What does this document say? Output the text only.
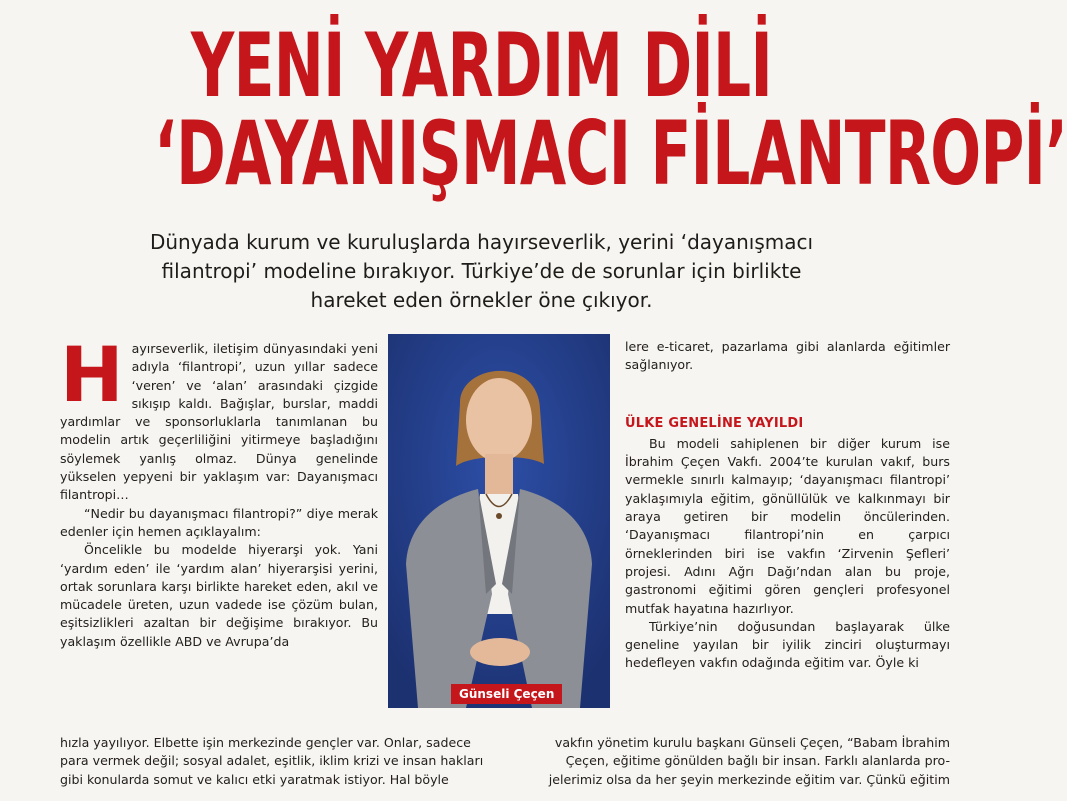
YENİ YARDIM DİLİ
‘DAYANIŞMACI FİLANTROPİ’
Dünyada kurum ve kuruluşlarda hayırseverlik, yerini ‘dayanışmacı
filantropi’ modeline bırakıyor. Türkiye’de de sorunlar için birlikte
hareket eden örnekler öne çıkıyor.
H ayırseverlik, iletişim dünyasındaki yeni adıyla ‘filantropi’, uzun yıllar sadece ‘veren’ ve ‘alan’ arasındaki çizgide sıkışıp kaldı. Bağışlar, burslar, maddi yardımlar ve sponsorluklarla tanımlanan bu modelin artık geçerliliğini yitirmeye başladığını söylemek yanlış olmaz. Dünya genelinde yükselen yepyeni bir yaklaşım var: Dayanışmacı filantropi…

“Nedir bu dayanışmacı filantropi?” diye merak edenler için hemen açıklayalım:

Öncelikle bu modelde hiyerarşi yok. Yani ‘yardım eden’ ile ‘yardım alan’ hiyerarşisi yerini, ortak sorunlara karşı birlikte hareket eden, akıl ve mücadele üreten, uzun vadede ise çözüm bulan, eşitsizlikleri azaltan bir değişime bırakıyor. Bu yaklaşım özellikle ABD ve Avrupa’da

Günseli Çeçen

lere e-ticaret, pazarlama gibi alanlarda eğitimler sağlanıyor.

ÜLKE GENELİNE YAYILDI

Bu modeli sahiplenen bir diğer kurum ise İbrahim Çeçen Vakfı. 2004’te kurulan vakıf, burs vermekle sınırlı kalmayıp; ‘dayanışmacı filantropi’ yaklaşımıyla eğitim, gönüllülük ve kalkınmayı bir araya getiren bir modelin öncülerinden. ‘Dayanışmacı filantropi’nin en çarpıcı örneklerinden biri ise vakfın ‘Zirvenin Şefleri’ projesi. Adını Ağrı Dağı’ndan alan bu proje, gastronomi eğitimi gören gençleri profesyonel mutfak hayatına hazırlıyor.

Türkiye’nin doğusundan başlayarak ülke geneline yayılan bir iyilik zinciri oluşturmayı hedefleyen vakfın odağında eğitim var. Öyle ki

hızla yayılıyor. Elbette işin merkezinde gençler var. Onlar, sadece	vakfın yönetim kurulu başkanı Günseli Çeçen, “Babam İbrahim
para vermek değil; sosyal adalet, eşitlik, iklim krizi ve insan hakları	Çeçen, eğitime gönülden bağlı bir insan. Farklı alanlarda pro-
gibi konularda somut ve kalıcı etki yaratmak istiyor. Hal böyle	jelerimiz olsa da her şeyin merkezinde eğitim var. Çünkü eğitim
